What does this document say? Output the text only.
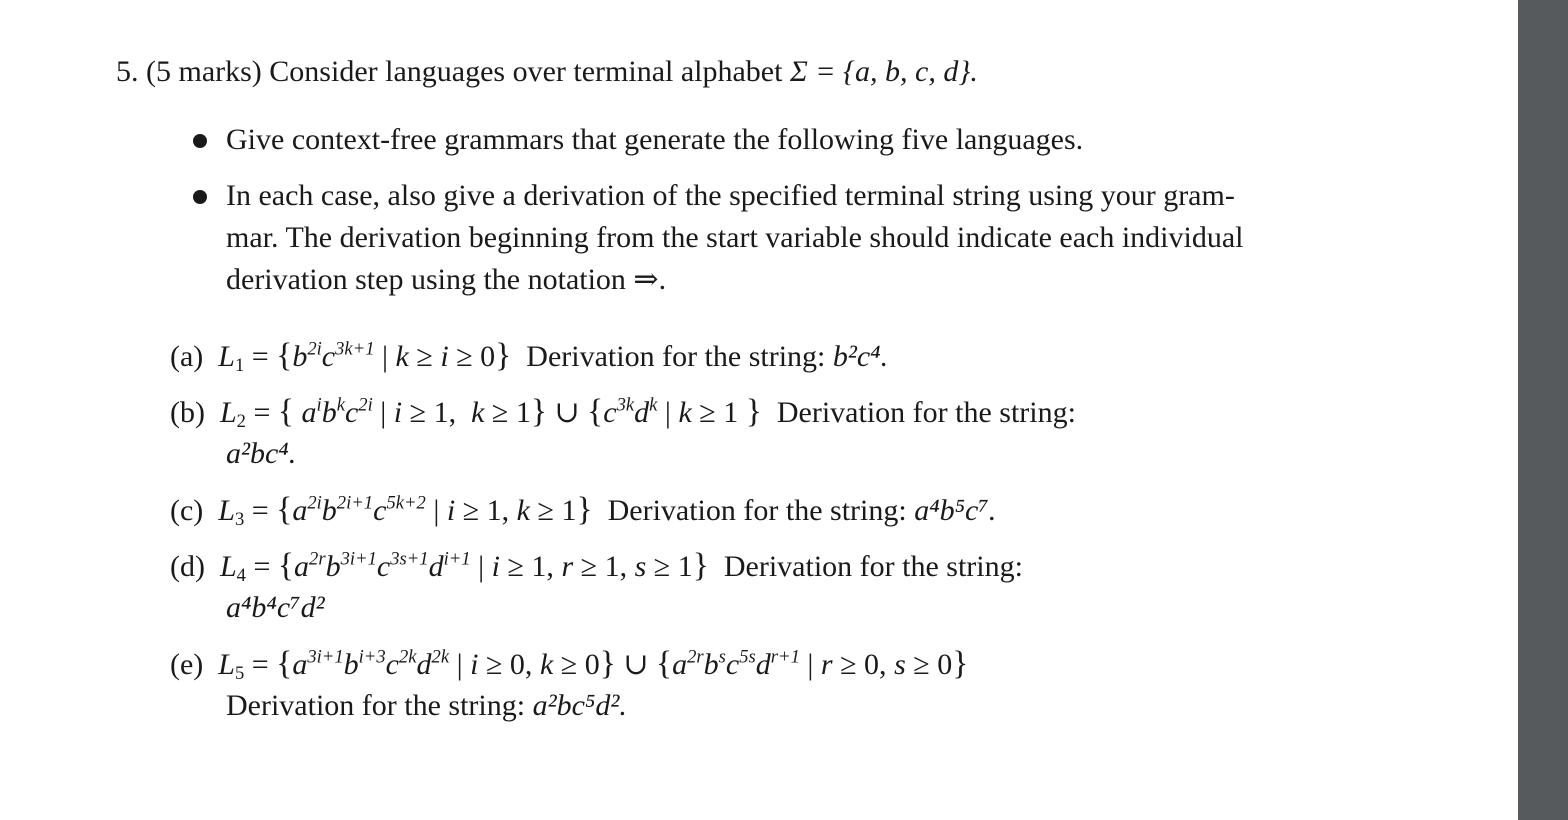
5. (5 marks) Consider languages over terminal alphabet Σ = {a, b, c, d}.
Give context-free grammars that generate the following five languages.
In each case, also give a derivation of the specified terminal string using your gram-
mar. The derivation beginning from the start variable should indicate each individual
derivation step using the notation ⇒.
(a) $L_1 = \{b^{2i}c^{3k+1}$ | k ≥ i ≥ 0} Derivation for the string: b²c⁴.
(b) $L_2$ = { $a^ib^kc^{2i}$ | i ≥ 1,  k ≥ 1} ∪ {$c^{3k}d^k$ | k ≥ 1 } Derivation for the string:
a²bc⁴.
(c) $L_3 = \{a^{2i}b^{2i+1}c^{5k+2}$ | i ≥ 1, k ≥ 1} Derivation for the string: a⁴b⁵c⁷.
(d) $L_4 = \{a^{2r}b^{3i+1}c^{3s+1}d^{i+1}$ | i ≥ 1, r ≥ 1, s ≥ 1} Derivation for the string:
a⁴b⁴c⁷d²
(e) $L_5 = \{a^{3i+1}b^{i+3}c^{2k}d^{2k}$ | i ≥ 0, k ≥ 0} ∪ {$a^{2r}b^sc^{5s}d^{r+1}$ | r ≥ 0, s ≥ 0}
Derivation for the string: a²bc⁵d².
